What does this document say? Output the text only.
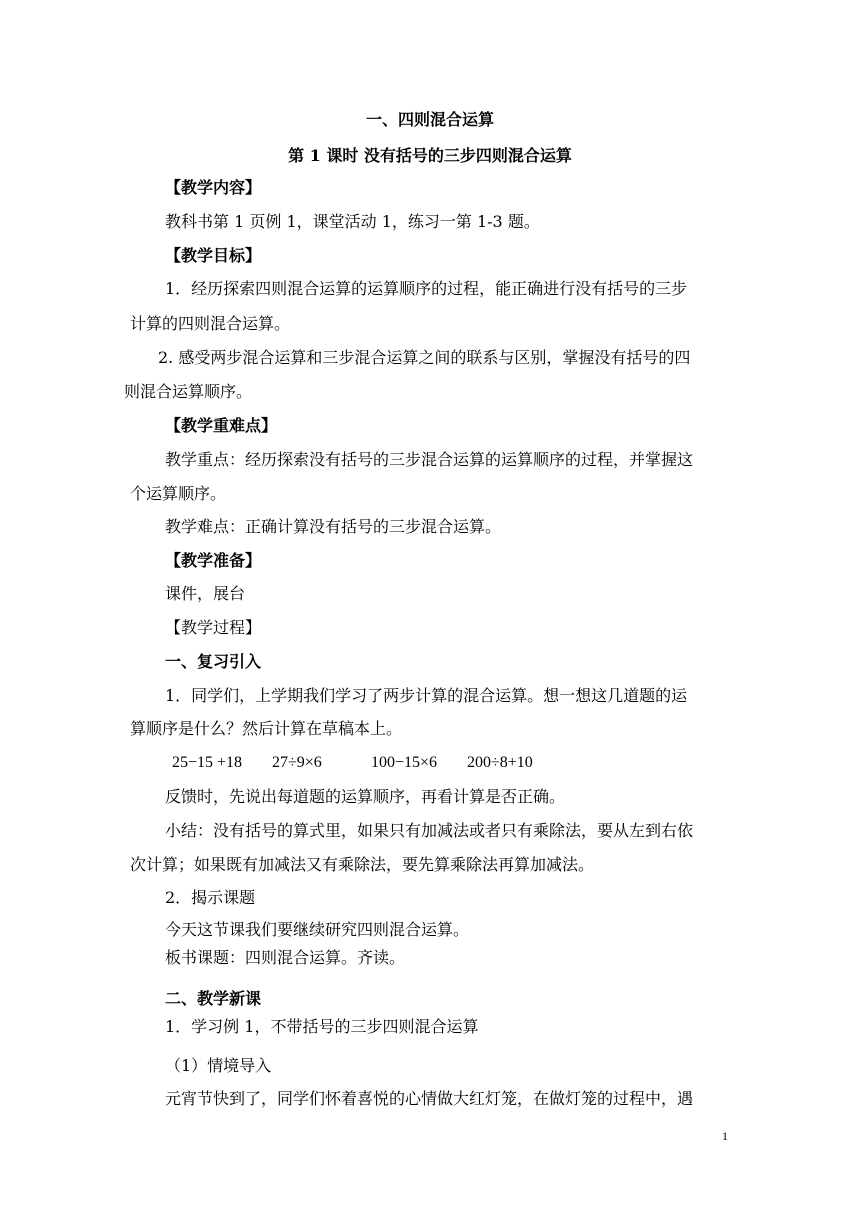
一、四则混合运算
第 1 课时 没有括号的三步四则混合运算
【教学内容】
教科书第 1 页例 1，课堂活动 1，练习一第 1-3 题。
【教学目标】
1．经历探索四则混合运算的运算顺序的过程，能正确进行没有括号的三步
计算的四则混合运算。
2. 感受两步混合运算和三步混合运算之间的联系与区别，掌握没有括号的四
则混合运算顺序。
【教学重难点】
教学重点：经历探索没有括号的三步混合运算的运算顺序的过程，并掌握这
个运算顺序。
教学难点：正确计算没有括号的三步混合运算。
【教学准备】
课件，展台
【教学过程】
一、复习引入
1．同学们，上学期我们学习了两步计算的混合运算。想一想这几道题的运
算顺序是什么？然后计算在草稿本上。
25−15 +18 27÷9×6	100−15×6 200÷8+10
反馈时，先说出每道题的运算顺序，再看计算是否正确。
小结：没有括号的算式里，如果只有加减法或者只有乘除法，要从左到右依
次计算；如果既有加减法又有乘除法，要先算乘除法再算加减法。
2．揭示课题
今天这节课我们要继续研究四则混合运算。
板书课题：四则混合运算。齐读。
二、教学新课
1．学习例 1，不带括号的三步四则混合运算
（1）情境导入
元宵节快到了，同学们怀着喜悦的心情做大红灯笼，在做灯笼的过程中，遇
1
